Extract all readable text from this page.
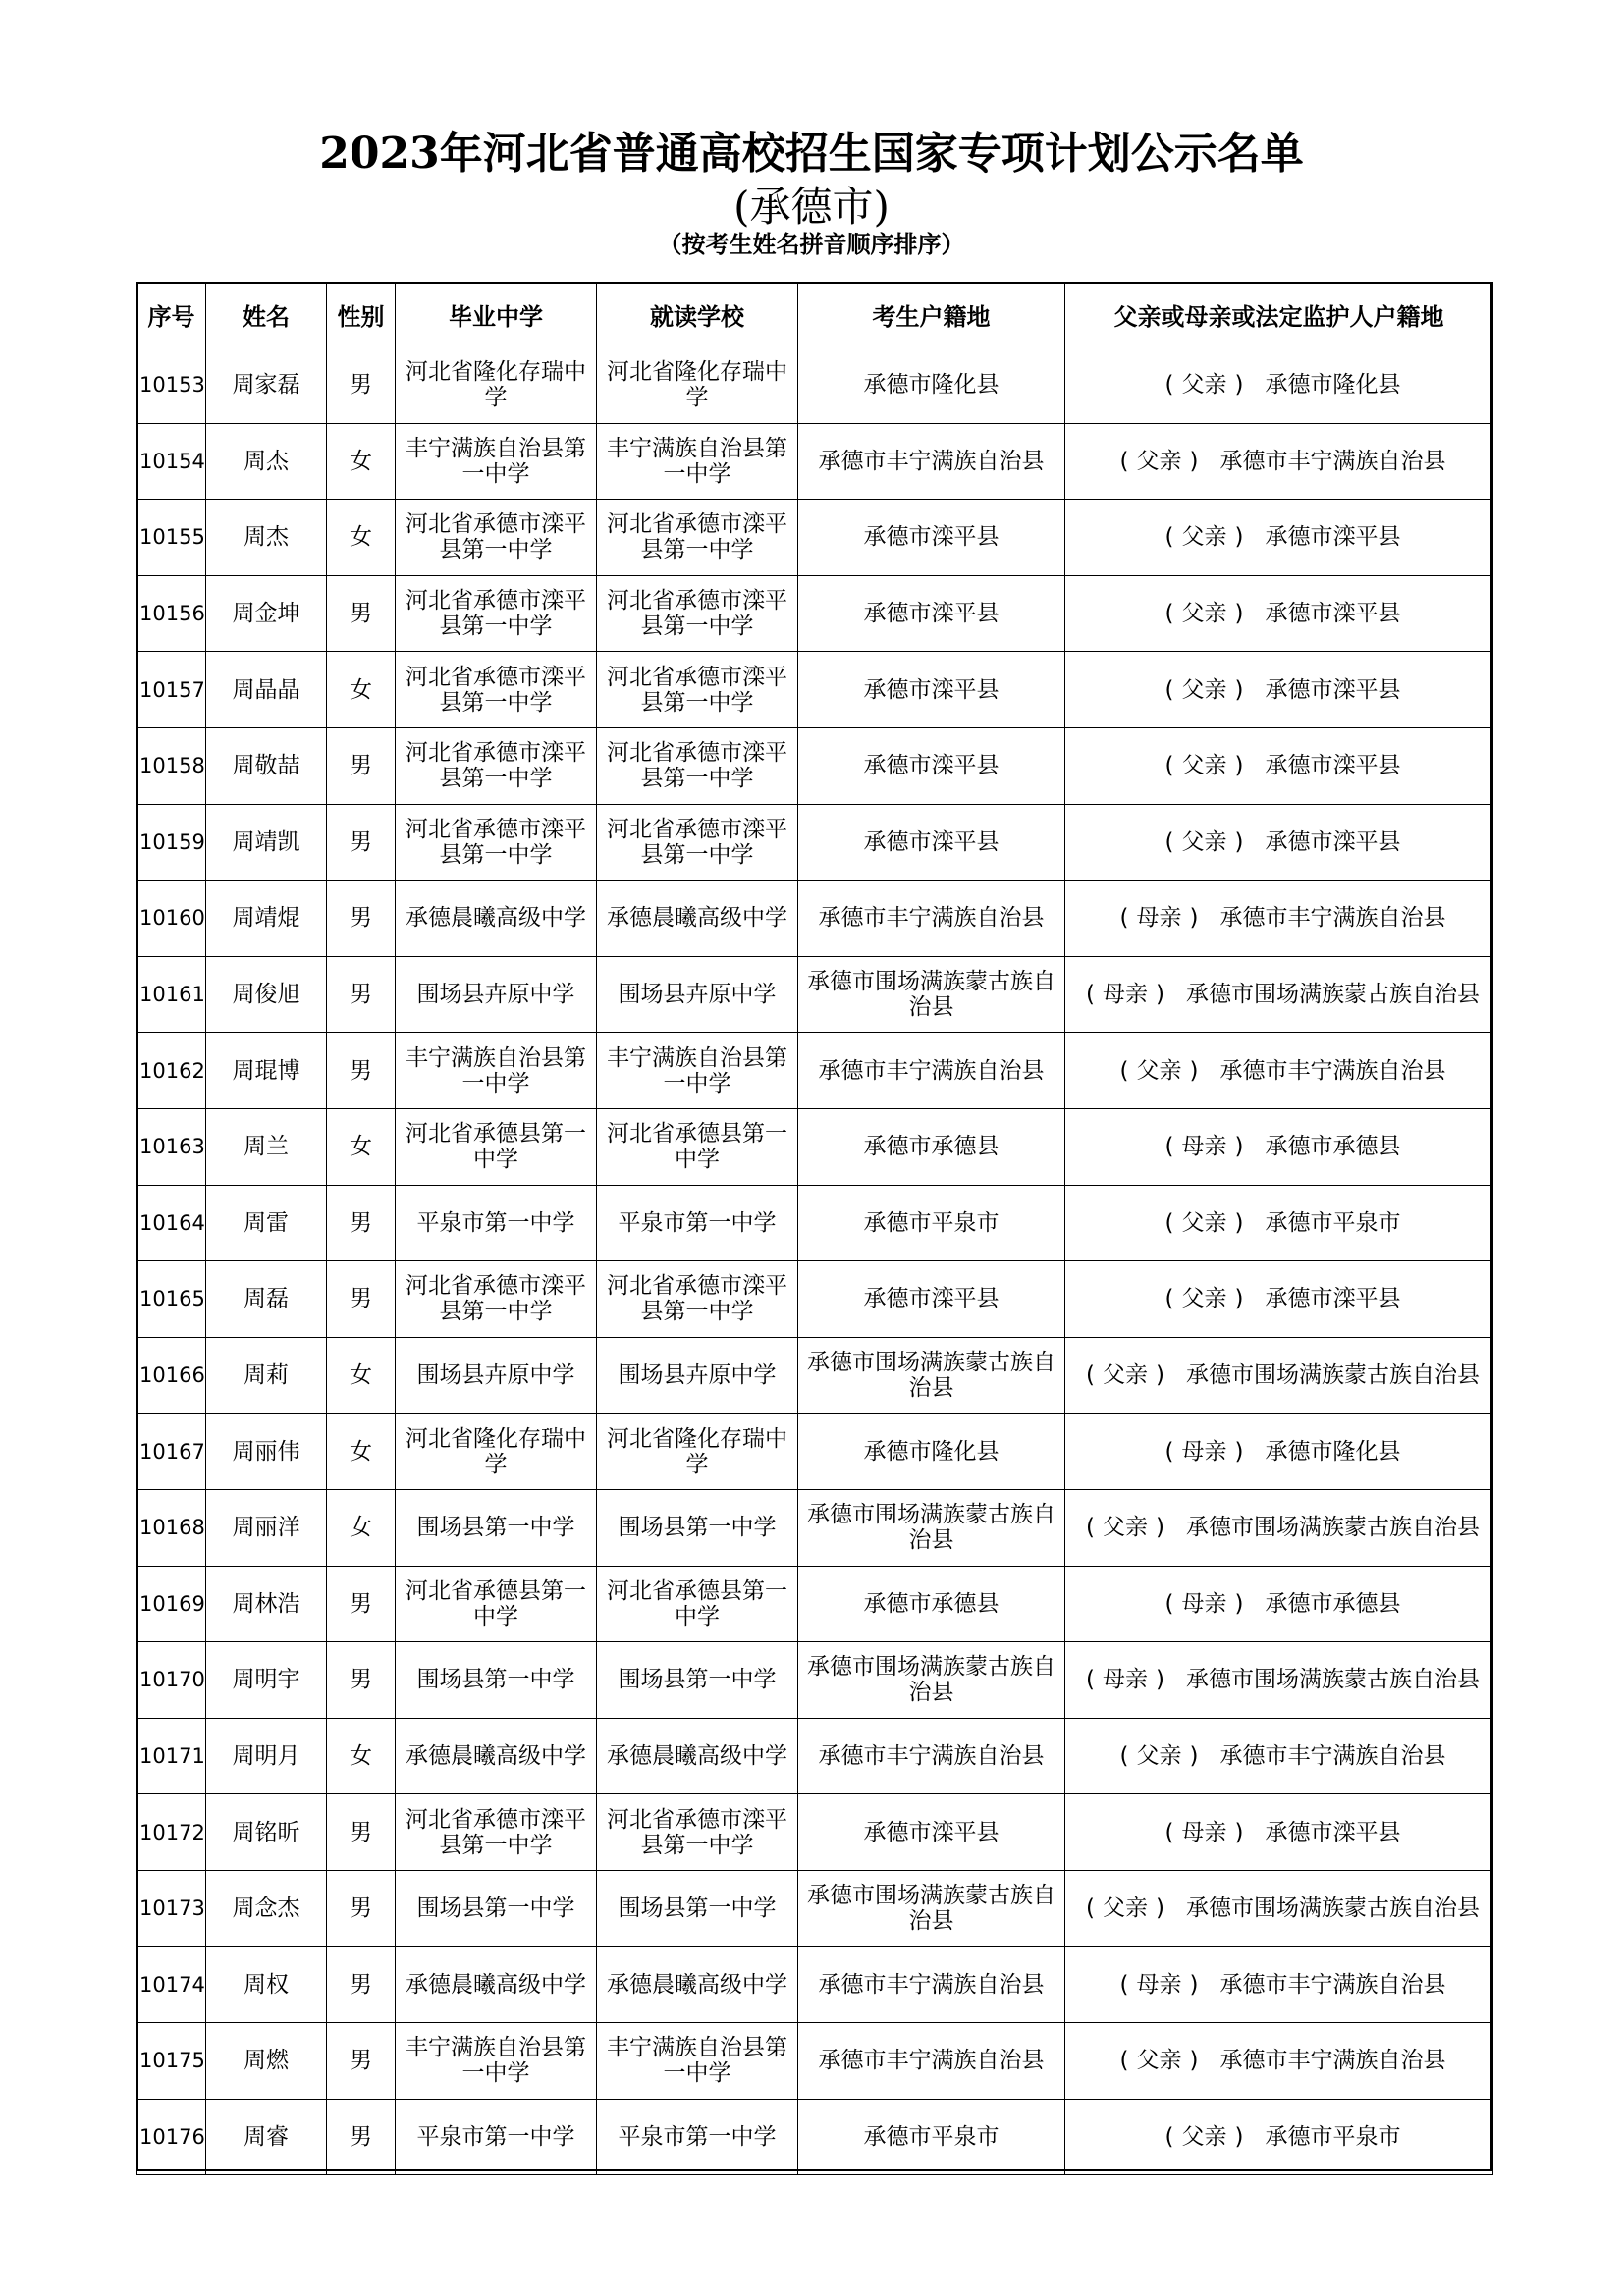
2023年河北省普通高校招生国家专项计划公示名单
(承德市)
（按考生姓名拼音顺序排序）
序号	姓名	性别	毕业中学	就读学校	考生户籍地	父亲或母亲或法定监护人户籍地
10153	周家磊	男	河北省隆化存瑞中学	河北省隆化存瑞中学	承德市隆化县	( 父亲 ) 承德市隆化县
10154	周杰	女	丰宁满族自治县第一中学	丰宁满族自治县第一中学	承德市丰宁满族自治县	( 父亲 ) 承德市丰宁满族自治县
10155	周杰	女	河北省承德市滦平县第一中学	河北省承德市滦平县第一中学	承德市滦平县	( 父亲 ) 承德市滦平县
10156	周金坤	男	河北省承德市滦平县第一中学	河北省承德市滦平县第一中学	承德市滦平县	( 父亲 ) 承德市滦平县
10157	周晶晶	女	河北省承德市滦平县第一中学	河北省承德市滦平县第一中学	承德市滦平县	( 父亲 ) 承德市滦平县
10158	周敬喆	男	河北省承德市滦平县第一中学	河北省承德市滦平县第一中学	承德市滦平县	( 父亲 ) 承德市滦平县
10159	周靖凯	男	河北省承德市滦平县第一中学	河北省承德市滦平县第一中学	承德市滦平县	( 父亲 ) 承德市滦平县
10160	周靖焜	男	承德晨曦高级中学	承德晨曦高级中学	承德市丰宁满族自治县	( 母亲 ) 承德市丰宁满族自治县
10161	周俊旭	男	围场县卉原中学	围场县卉原中学	承德市围场满族蒙古族自治县	( 母亲 ) 承德市围场满族蒙古族自治县
10162	周琨博	男	丰宁满族自治县第一中学	丰宁满族自治县第一中学	承德市丰宁满族自治县	( 父亲 ) 承德市丰宁满族自治县
10163	周兰	女	河北省承德县第一中学	河北省承德县第一中学	承德市承德县	( 母亲 ) 承德市承德县
10164	周雷	男	平泉市第一中学	平泉市第一中学	承德市平泉市	( 父亲 ) 承德市平泉市
10165	周磊	男	河北省承德市滦平县第一中学	河北省承德市滦平县第一中学	承德市滦平县	( 父亲 ) 承德市滦平县
10166	周莉	女	围场县卉原中学	围场县卉原中学	承德市围场满族蒙古族自治县	( 父亲 ) 承德市围场满族蒙古族自治县
10167	周丽伟	女	河北省隆化存瑞中学	河北省隆化存瑞中学	承德市隆化县	( 母亲 ) 承德市隆化县
10168	周丽洋	女	围场县第一中学	围场县第一中学	承德市围场满族蒙古族自治县	( 父亲 ) 承德市围场满族蒙古族自治县
10169	周林浩	男	河北省承德县第一中学	河北省承德县第一中学	承德市承德县	( 母亲 ) 承德市承德县
10170	周明宇	男	围场县第一中学	围场县第一中学	承德市围场满族蒙古族自治县	( 母亲 ) 承德市围场满族蒙古族自治县
10171	周明月	女	承德晨曦高级中学	承德晨曦高级中学	承德市丰宁满族自治县	( 父亲 ) 承德市丰宁满族自治县
10172	周铭昕	男	河北省承德市滦平县第一中学	河北省承德市滦平县第一中学	承德市滦平县	( 母亲 ) 承德市滦平县
10173	周念杰	男	围场县第一中学	围场县第一中学	承德市围场满族蒙古族自治县	( 父亲 ) 承德市围场满族蒙古族自治县
10174	周权	男	承德晨曦高级中学	承德晨曦高级中学	承德市丰宁满族自治县	( 母亲 ) 承德市丰宁满族自治县
10175	周燃	男	丰宁满族自治县第一中学	丰宁满族自治县第一中学	承德市丰宁满族自治县	( 父亲 ) 承德市丰宁满族自治县
10176	周睿	男	平泉市第一中学	平泉市第一中学	承德市平泉市	( 父亲 ) 承德市平泉市
